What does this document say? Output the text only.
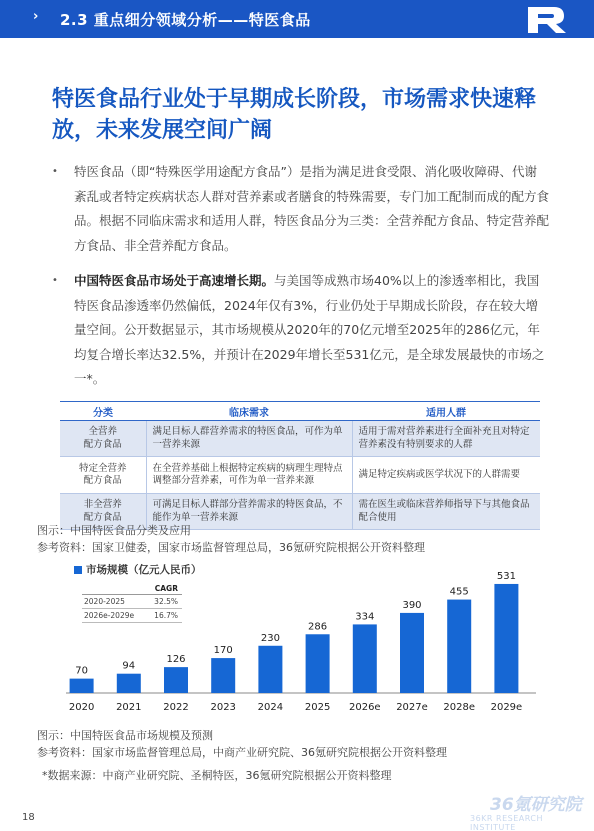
› 2.3 重点细分领域分析——特医食品
特医食品行业处于早期成长阶段，市场需求快速释放，未来发展空间广阔
• 特医食品（即“特殊医学用途配方食品”）是指为满足进食受限、消化吸收障碍、代谢紊乱或者特定疾病状态人群对营养素或者膳食的特殊需要，专门加工配制而成的配方食品。根据不同临床需求和适用人群，特医食品分为三类：全营养配方食品、特定营养配方食品、非全营养配方食品。
• 中国特医食品市场处于高速增长期。与美国等成熟市场40%以上的渗透率相比，我国特医食品渗透率仍然偏低，2024年仅有3%，行业仍处于早期成长阶段，存在较大增量空间。公开数据显示，其市场规模从2020年的70亿元增至2025年的286亿元，年均复合增长率达32.5%，并预计在2029年增长至531亿元，是全球发展最快的市场之一*。
分类	临床需求	适用人群
全营养
配方食品	满足目标人群营养需求的特医食品，可作为单一营养来源	适用于需对营养素进行全面补充且对特定营养素没有特别要求的人群
特定全营养
配方食品	在全营养基础上根据特定疾病的病理生理特点调整部分营养素，可作为单一营养来源	满足特定疾病或医学状况下的人群需要
非全营养
配方食品	可满足目标人群部分营养需求的特医食品，不能作为单一营养来源	需在医生或临床营养师指导下与其他食品配合使用
图示：中国特医食品分类及应用
参考资料：国家卫健委，国家市场监督管理总局，36氪研究院根据公开资料整理
市场规模（亿元人民币）
CAGR
2020-2025	32.5%
2026e-2029e	16.7%
70
2020
94
2021
126
2022
170
2023
230
2024
286
2025
334
2026e
390
2027e
455
2028e
531
2029e
图示：中国特医食品市场规模及预测
参考资料：国家市场监督管理总局，中商产业研究院、36氪研究院根据公开资料整理
*数据来源：中商产业研究院、圣桐特医，36氪研究院根据公开资料整理
18
36氪研究院
36KR RESEARCH INSTITUTE
